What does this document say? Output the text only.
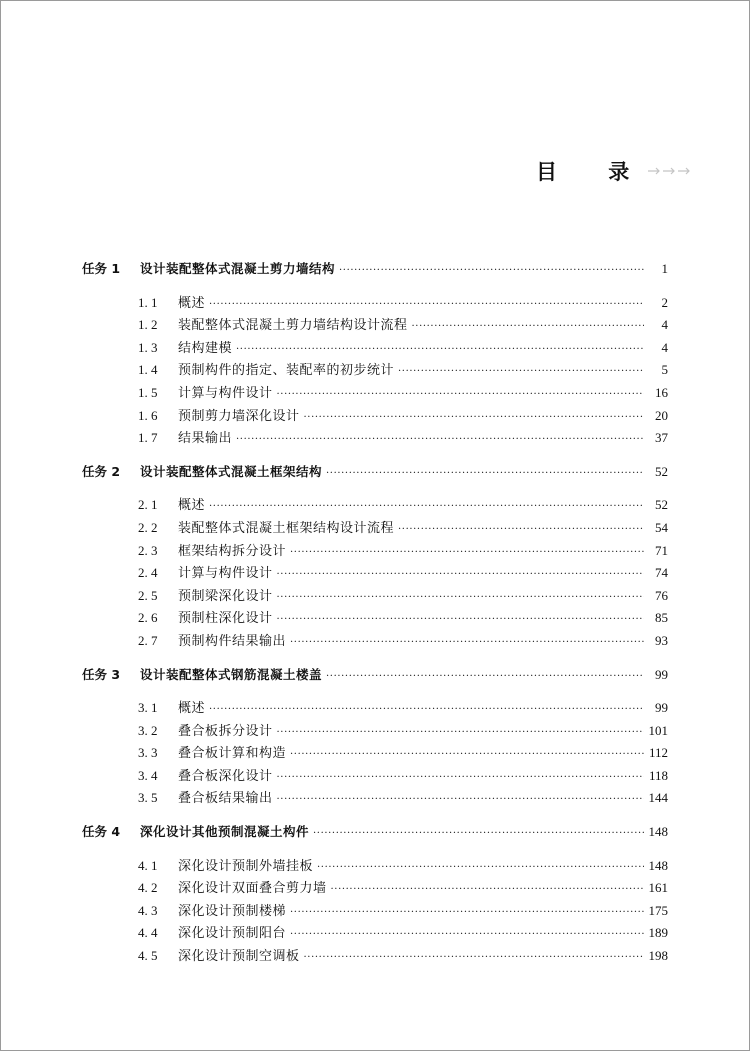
目 录
任务 1	设计装配整体式混凝土剪力墙结构 ·····	1
1. 1	概述 ·····	2
1. 2	装配整体式混凝土剪力墙结构设计流程 ·····	4
1. 3	结构建模 ·····	4
1. 4	预制构件的指定、装配率的初步统计 ·····	5
1. 5	计算与构件设计 ·····	16
1. 6	预制剪力墙深化设计 ·····	20
1. 7	结果输出 ·····	37
任务 2	设计装配整体式混凝土框架结构 ·····	52
2. 1	概述 ·····	52
2. 2	装配整体式混凝土框架结构设计流程 ·····	54
2. 3	框架结构拆分设计 ·····	71
2. 4	计算与构件设计 ·····	74
2. 5	预制梁深化设计 ·····	76
2. 6	预制柱深化设计 ·····	85
2. 7	预制构件结果输出 ·····	93
任务 3	设计装配整体式钢筋混凝土楼盖 ·····	99
3. 1	概述 ·····	99
3. 2	叠合板拆分设计 ·····	101
3. 3	叠合板计算和构造 ·····	112
3. 4	叠合板深化设计 ·····	118
3. 5	叠合板结果输出 ·····	144
任务 4	深化设计其他预制混凝土构件 ·····	148
4. 1	深化设计预制外墙挂板 ·····	148
4. 2	深化设计双面叠合剪力墙 ·····	161
4. 3	深化设计预制楼梯 ·····	175
4. 4	深化设计预制阳台 ·····	189
4. 5	深化设计预制空调板 ·····	198
